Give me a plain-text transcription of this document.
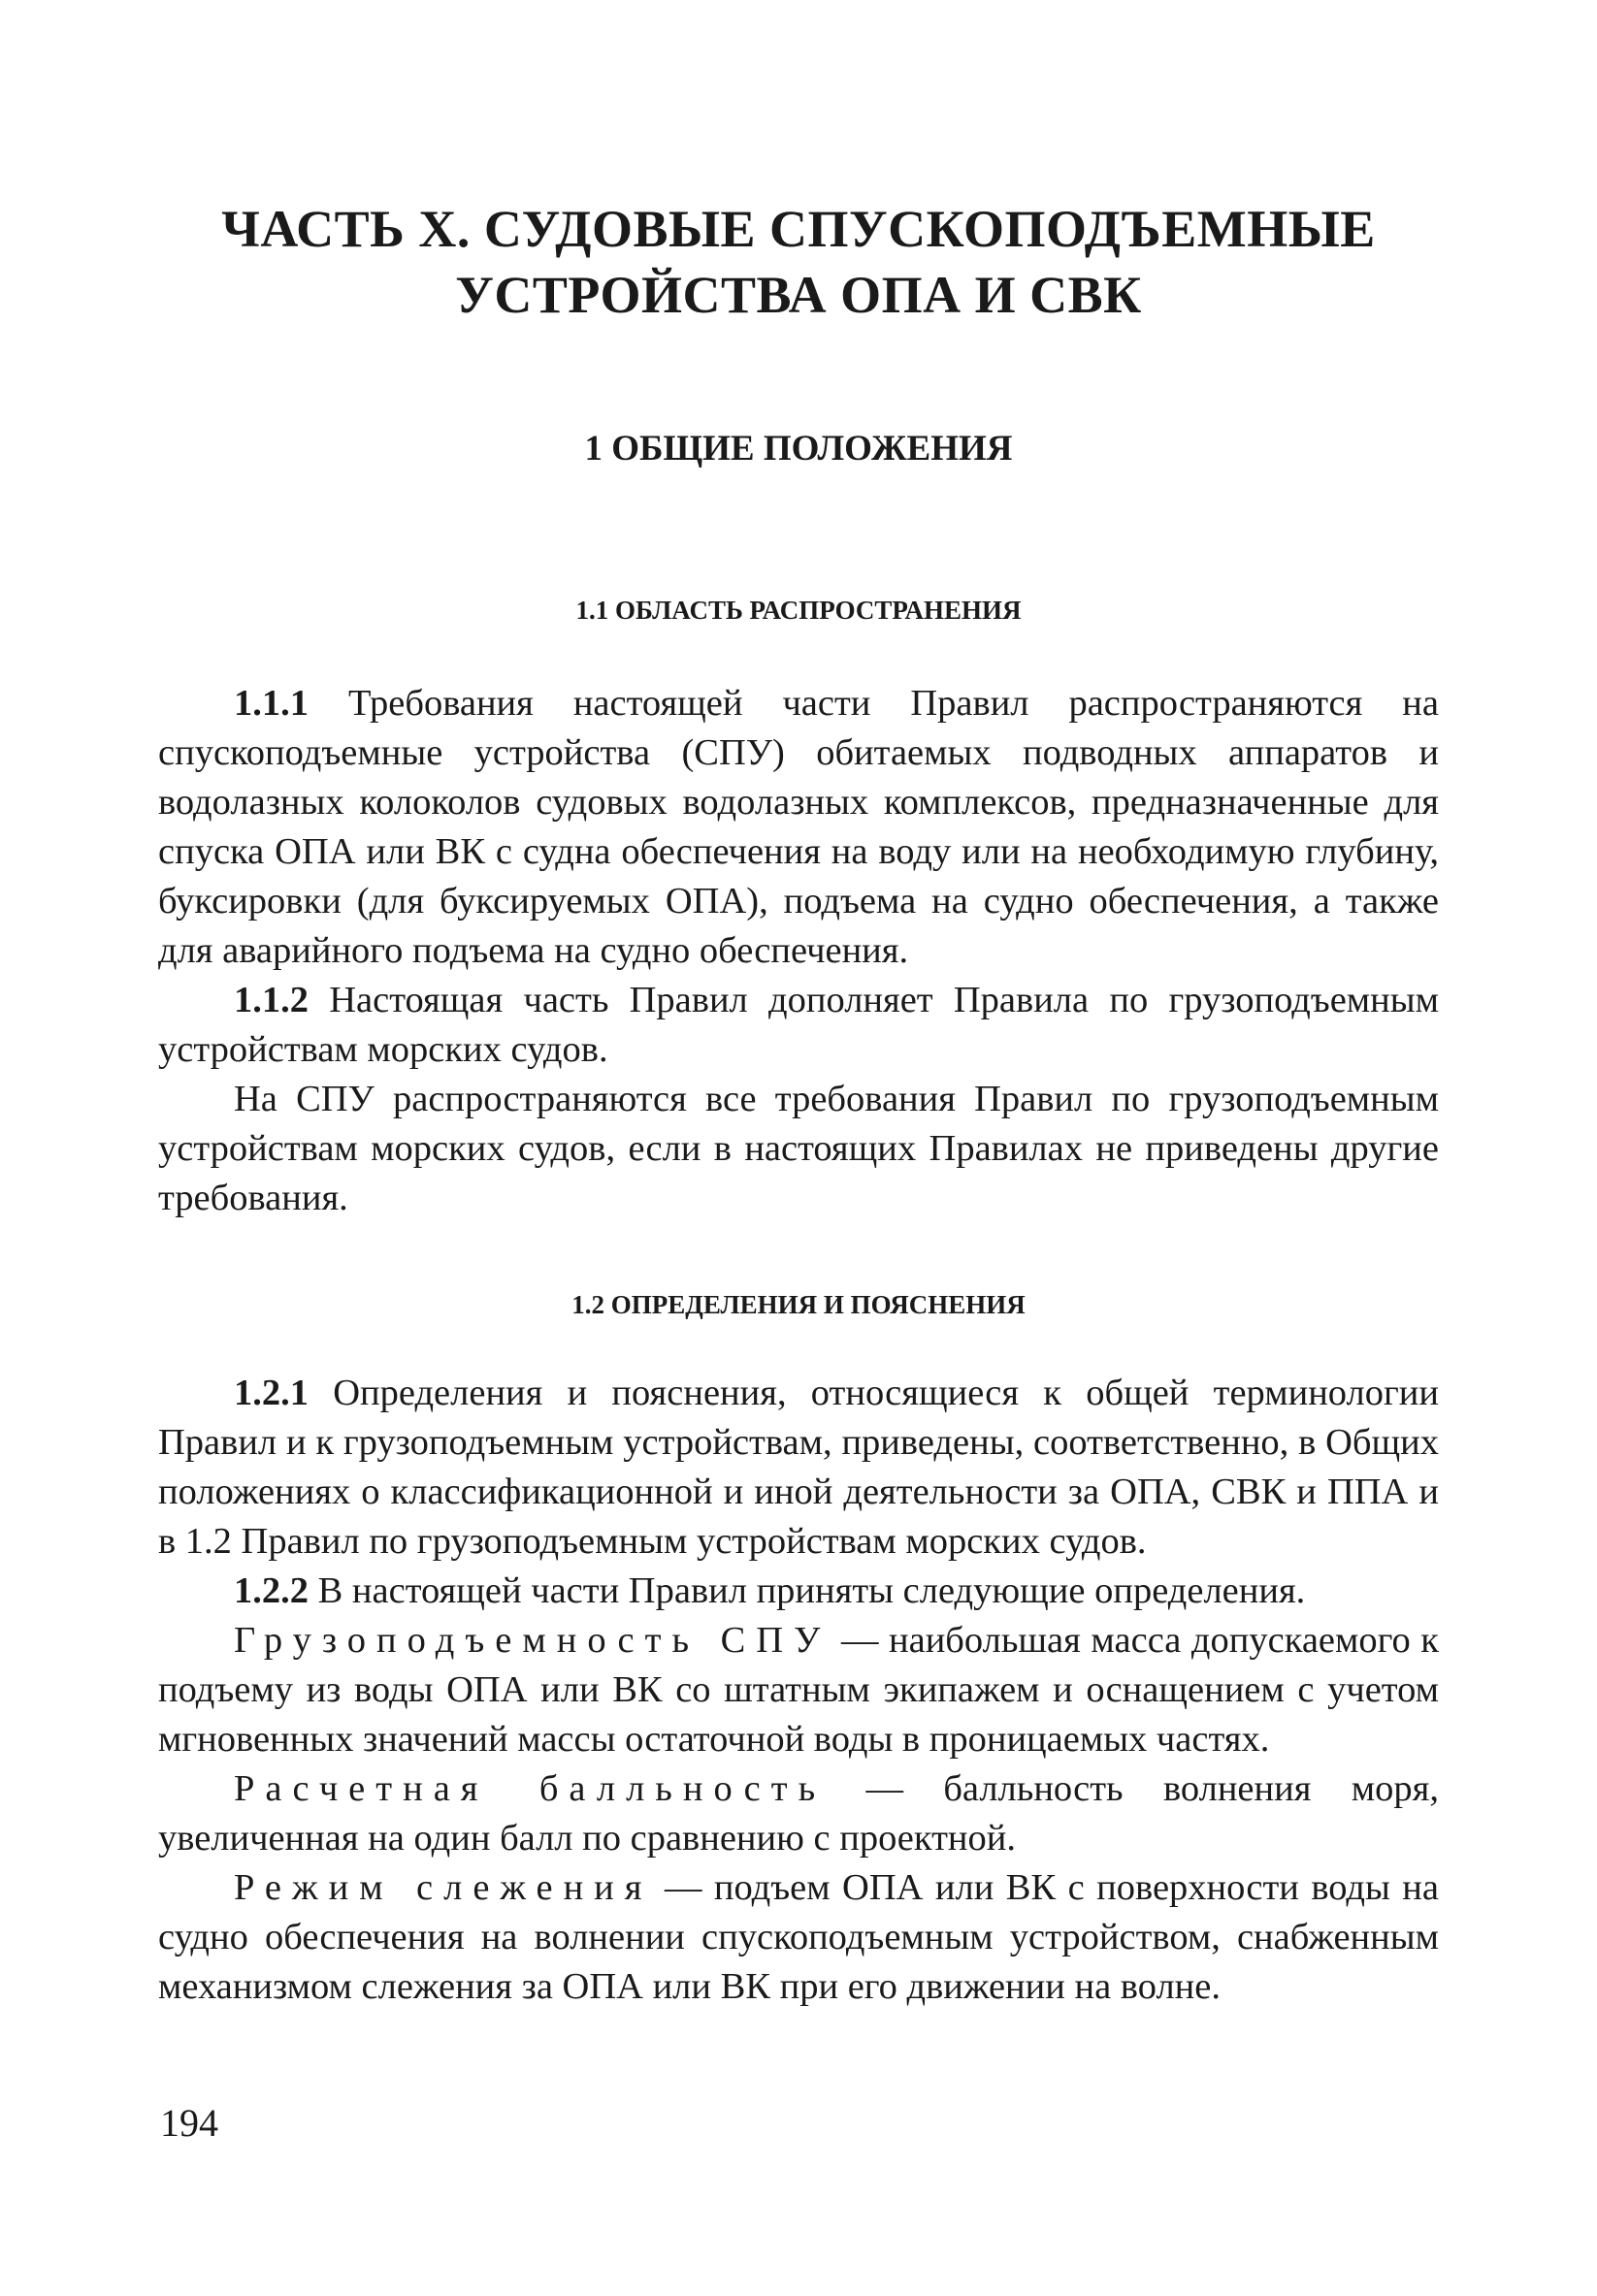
ЧАСТЬ X. СУДОВЫЕ СПУСКОПОДЪЕМНЫЕ
УСТРОЙСТВА ОПА И СВК
1 ОБЩИЕ ПОЛОЖЕНИЯ
1.1 ОБЛАСТЬ РАСПРОСТРАНЕНИЯ

1.1.1 Требования настоящей части Правил распространяются на спускоподъемные устройства (СПУ) обитаемых подводных аппаратов и водолазных колоколов судовых водолазных комплексов, предназначенные для спуска ОПА или ВК с судна обеспечения на воду или на необходимую глубину, буксировки (для буксируемых ОПА), подъема на судно обеспечения, а также для аварийного подъема на судно обеспечения.

1.1.2 Настоящая часть Правил дополняет Правила по грузоподъемным устройствам морских судов.

На СПУ распространяются все требования Правил по грузоподъемным устройствам морских судов, если в настоящих Правилах не приведены другие требования.

1.2 ОПРЕДЕЛЕНИЯ И ПОЯСНЕНИЯ

1.2.1 Определения и пояснения, относящиеся к общей терминологии Правил и к грузоподъемным устройствам, приведены, соответственно, в Общих положениях о классификационной и иной деятельности за ОПА, СВК и ППА и в 1.2 Правил по грузоподъемным устройствам морских судов.

1.2.2 В настоящей части Правил приняты следующие определения.

Грузоподъемность СПУ — наибольшая масса допускаемого к подъему из воды ОПА или ВК со штатным экипажем и оснащением с учетом мгновенных значений массы остаточной воды в проницаемых частях.

Расчетная балльность — балльность волнения моря, увеличенная на один балл по сравнению с проектной.

Режим слежения — подъем ОПА или ВК с поверхности воды на судно обеспечения на волнении спускоподъемным устройством, снабженным механизмом слежения за ОПА или ВК при его движении на волне.

194
